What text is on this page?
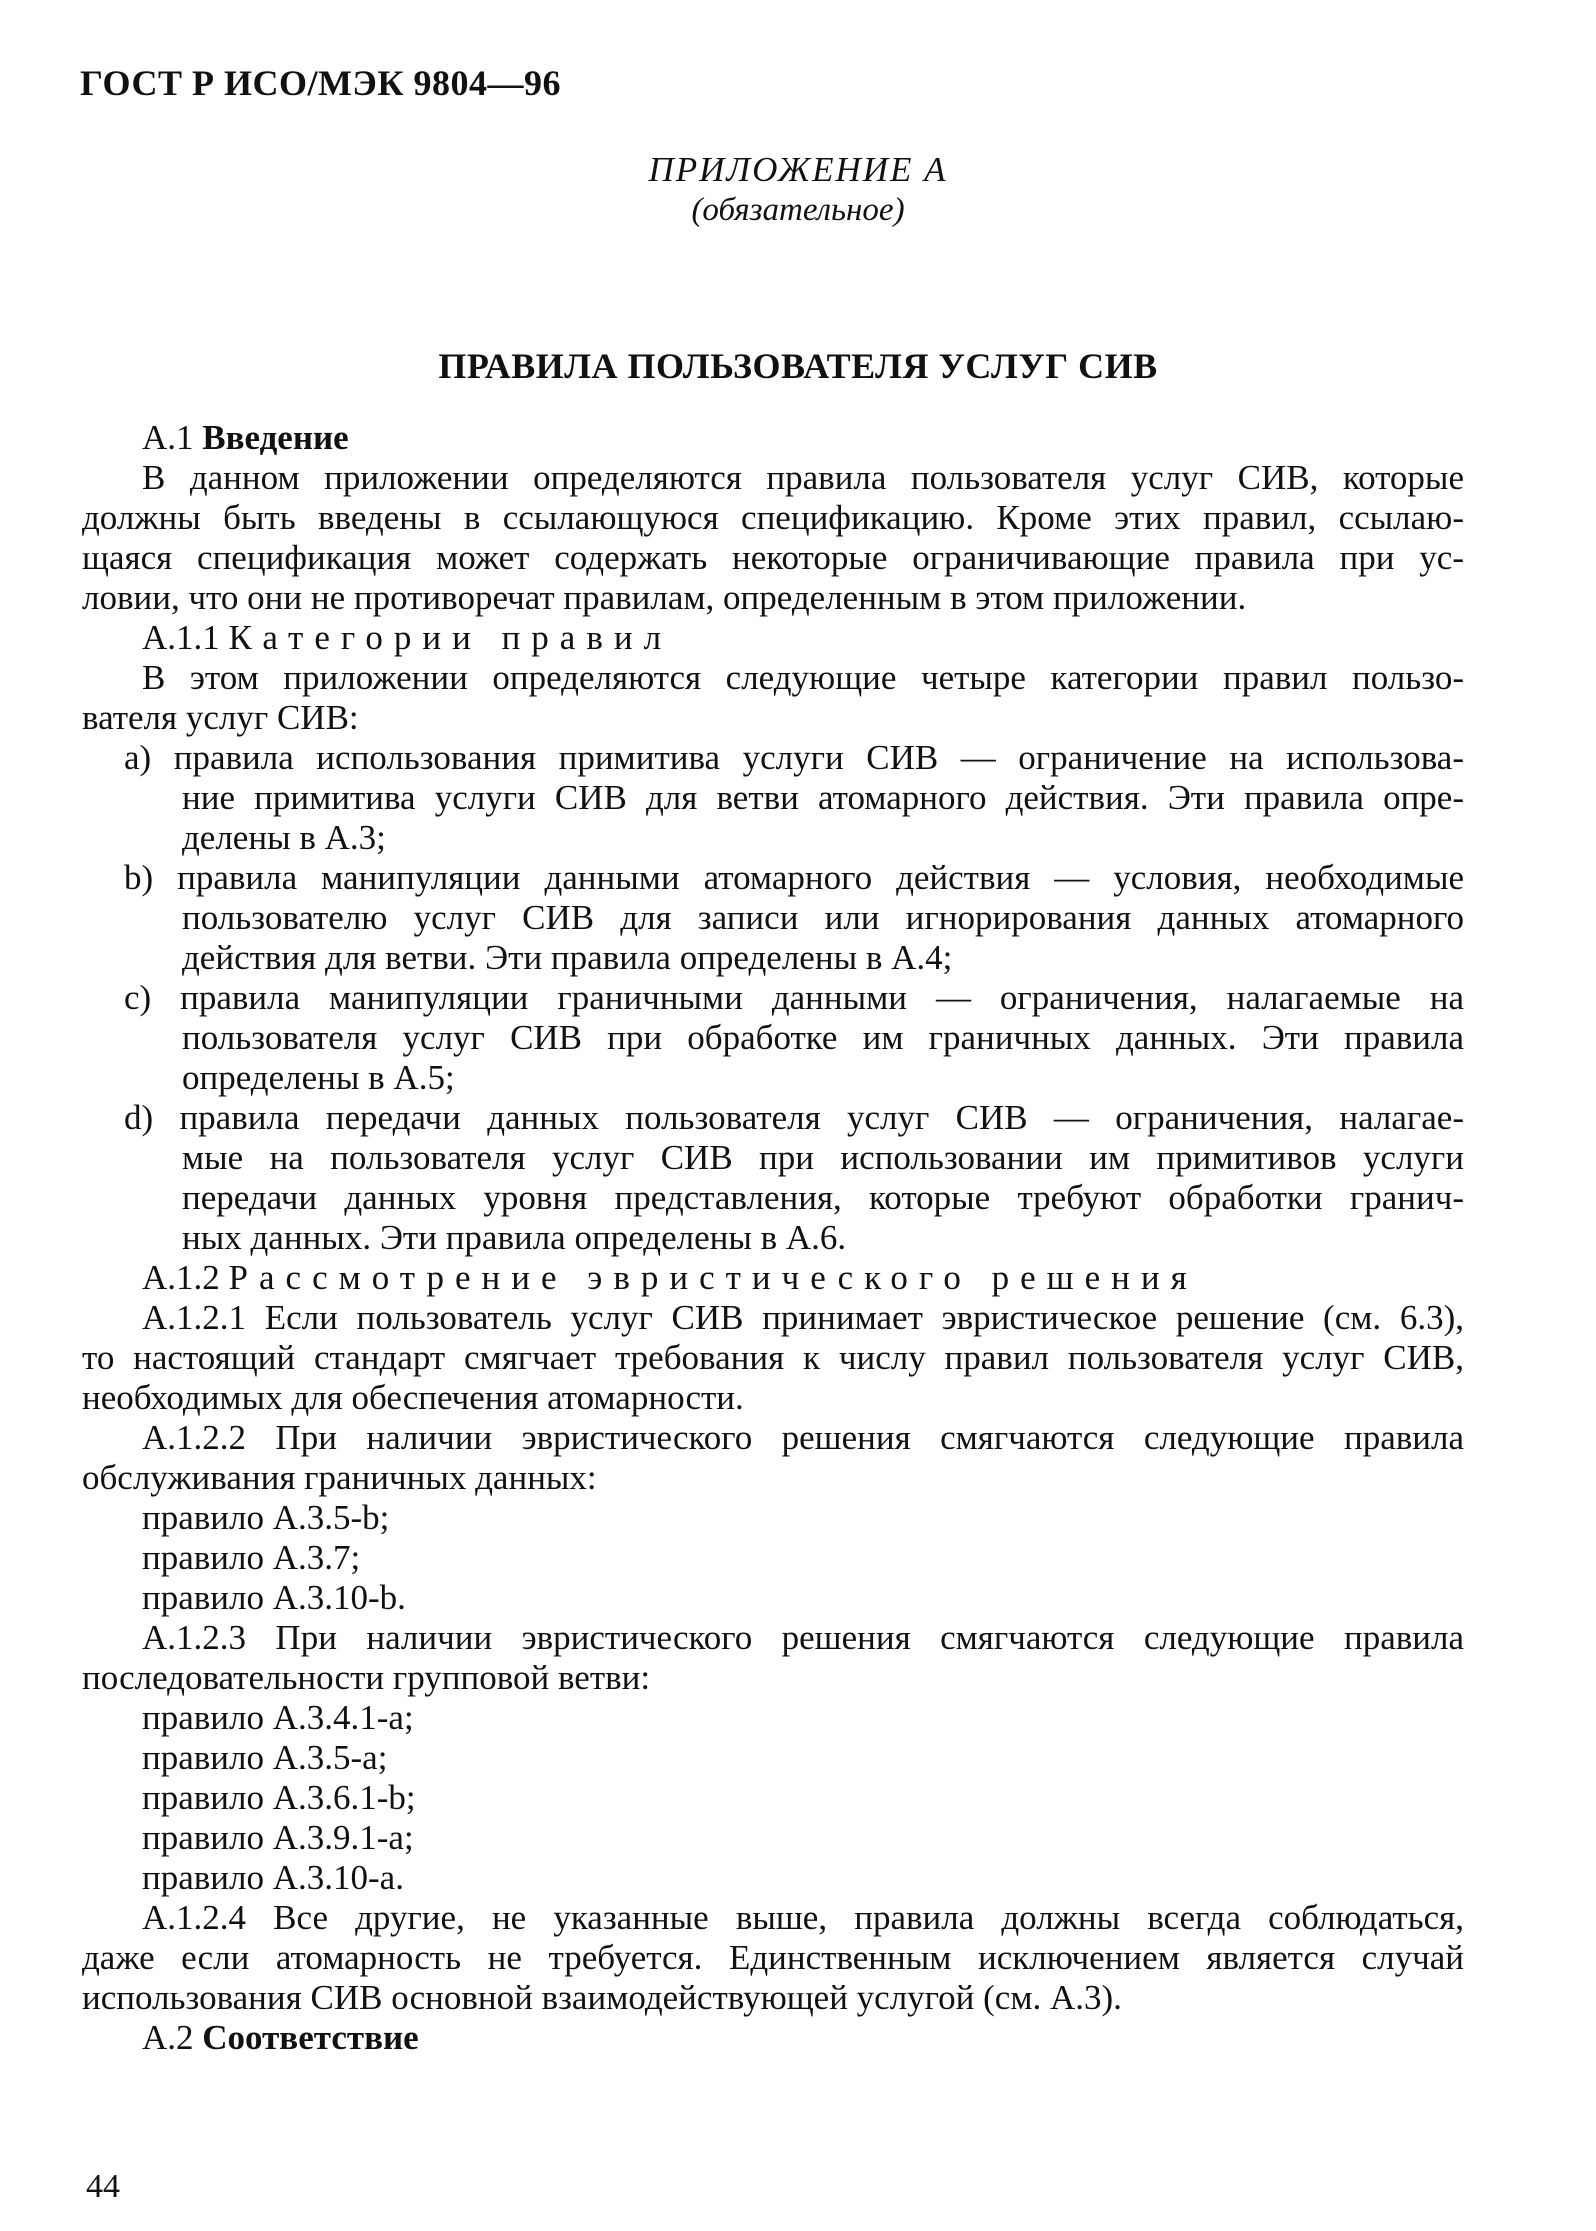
ГОСТ Р ИСО/МЭК 9804—96
ПРИЛОЖЕНИЕ А
(обязательное)
ПРАВИЛА ПОЛЬЗОВАТЕЛЯ УСЛУГ СИВ
А.1 Введение
В данном приложении определяются правила пользователя услуг СИВ, которые
должны быть введены в ссылающуюся спецификацию. Кроме этих правил, ссылаю-
щаяся спецификация может содержать некоторые ограничивающие правила при ус-
ловии, что они не противоречат правилам, определенным в этом приложении.
А.1.1 Категории правил
В этом приложении определяются следующие четыре категории правил пользо-
вателя услуг СИВ:
а) правила использования примитива услуги СИВ — ограничение на использова-
ние примитива услуги СИВ для ветви атомарного действия. Эти правила опре-
делены в А.3;
b) правила манипуляции данными атомарного действия — условия, необходимые
пользователю услуг СИВ для записи или игнорирования данных атомарного
действия для ветви. Эти правила определены в А.4;
с) правила манипуляции граничными данными — ограничения, налагаемые на
пользователя услуг СИВ при обработке им граничных данных. Эти правила
определены в А.5;
d) правила передачи данных пользователя услуг СИВ — ограничения, налагае-
мые на пользователя услуг СИВ при использовании им примитивов услуги
передачи данных уровня представления, которые требуют обработки гранич-
ных данных. Эти правила определены в А.6.
А.1.2 Рассмотрение эвристического решения
А.1.2.1 Если пользователь услуг СИВ принимает эвристическое решение (см. 6.3),
то настоящий стандарт смягчает требования к числу правил пользователя услуг СИВ,
необходимых для обеспечения атомарности.
А.1.2.2 При наличии эвристического решения смягчаются следующие правила
обслуживания граничных данных:
правило А.3.5-b;
правило А.3.7;
правило А.3.10-b.
А.1.2.3 При наличии эвристического решения смягчаются следующие правила
последовательности групповой ветви:
правило А.3.4.1-а;
правило А.3.5-а;
правило А.3.6.1-b;
правило А.3.9.1-а;
правило А.3.10-а.
А.1.2.4 Все другие, не указанные выше, правила должны всегда соблюдаться,
даже если атомарность не требуется. Единственным исключением является случай
использования СИВ основной взаимодействующей услугой (см. А.3).
А.2 Соответствие
44
